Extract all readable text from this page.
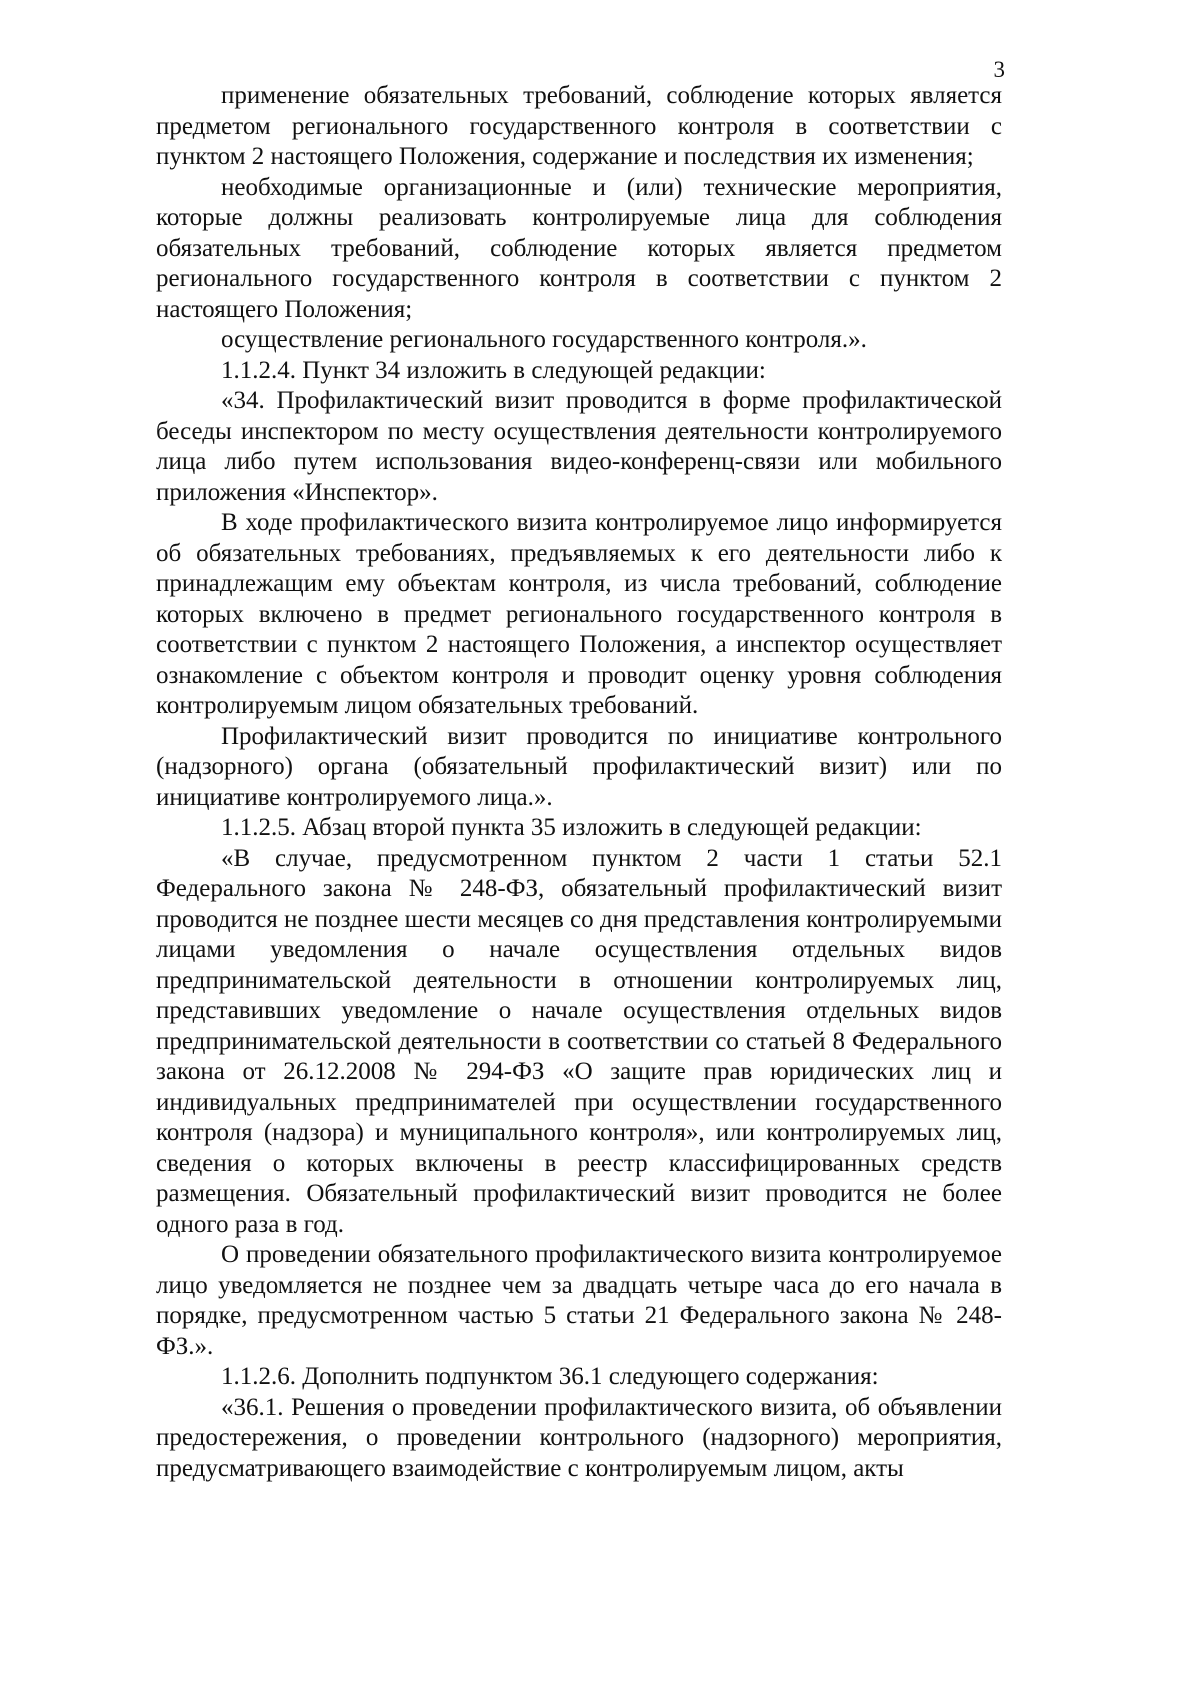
3

применение обязательных требований, соблюдение которых является предметом регионального государственного контроля в соответствии с пунктом 2 настоящего Положения, содержание и последствия их изменения;

необходимые организационные и (или) технические мероприятия, которые должны реализовать контролируемые лица для соблюдения обязательных требований, соблюдение которых является предметом регионального государственного контроля в соответствии с пунктом 2 настоящего Положения;

осуществление регионального государственного контроля.».

1.1.2.4. Пункт 34 изложить в следующей редакции:

«34. Профилактический визит проводится в форме профилактической беседы инспектором по месту осуществления деятельности контролируемого лица либо путем использования видео-конференц-связи или мобильного приложения «Инспектор».

В ходе профилактического визита контролируемое лицо информируется об обязательных требованиях, предъявляемых к его деятельности либо к принадлежащим ему объектам контроля, из числа требований, соблюдение которых включено в предмет регионального государственного контроля в соответствии с пунктом 2 настоящего Положения, а инспектор осуществляет ознакомление с объектом контроля и проводит оценку уровня соблюдения контролируемым лицом обязательных требований.

Профилактический визит проводится по инициативе контрольного (надзорного) органа (обязательный профилактический визит) или по инициативе контролируемого лица.».

1.1.2.5. Абзац второй пункта 35 изложить в следующей редакции:

«В случае, предусмотренном пунктом 2 части 1 статьи 52.1 Федерального закона № 248-ФЗ, обязательный профилактический визит проводится не позднее шести месяцев со дня представления контролируемыми лицами уведомления о начале осуществления отдельных видов предпринимательской деятельности в отношении контролируемых лиц, представивших уведомление о начале осуществления отдельных видов предпринимательской деятельности в соответствии со статьей 8 Федерального закона от 26.12.2008 № 294-ФЗ «О защите прав юридических лиц и индивидуальных предпринимателей при осуществлении государственного контроля (надзора) и муниципального контроля», или контролируемых лиц, сведения о которых включены в реестр классифицированных средств размещения. Обязательный профилактический визит проводится не более одного раза в год.

О проведении обязательного профилактического визита контролируемое лицо уведомляется не позднее чем за двадцать четыре часа до его начала в порядке, предусмотренном частью 5 статьи 21 Федерального закона № 248-ФЗ.».

1.1.2.6. Дополнить подпунктом 36.1 следующего содержания:

«36.1. Решения о проведении профилактического визита, об объявлении предостережения, о проведении контрольного (надзорного) мероприятия, предусматривающего взаимодействие с контролируемым лицом, акты
